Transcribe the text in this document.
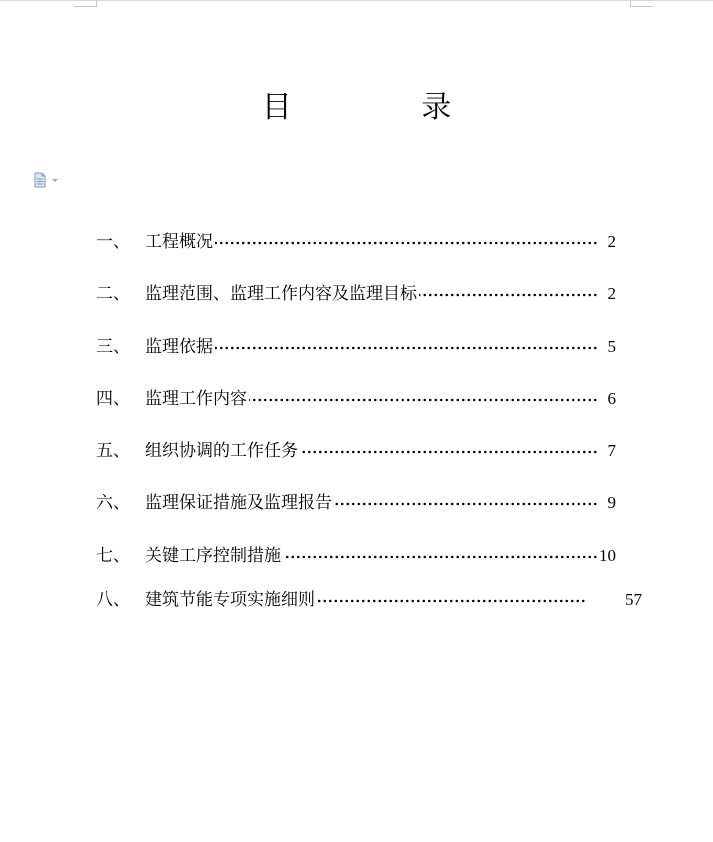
目 录
一、 工程概况	2
二、 监理范围、监理工作内容及监理目标	2
三、 监理依据	5
四、 监理工作内容	6
五、 组织协调的工作任务	7
六、 监理保证措施及监理报告	9
七、 关键工序控制措施	10
八、 建筑节能专项实施细则	57
